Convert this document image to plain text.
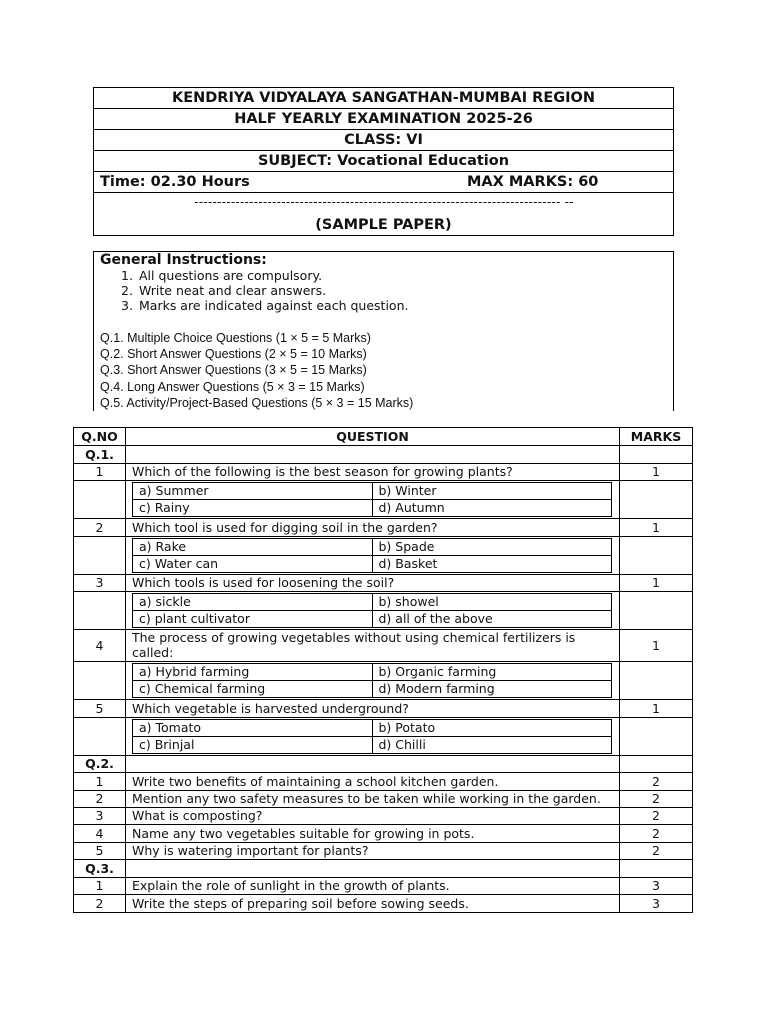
KENDRIYA VIDYALAYA SANGATHAN-MUMBAI REGION
HALF YEARLY EXAMINATION 2025-26
CLASS: VI
SUBJECT: Vocational Education
Time: 02.30 Hours	MAX MARKS: 60
-------------------------------------------------------------------------------- --
(SAMPLE PAPER)
General Instructions:
1. All questions are compulsory.
2. Write neat and clear answers.
3. Marks are indicated against each question.
Q.1. Multiple Choice Questions (1 × 5 = 5 Marks)
Q.2. Short Answer Questions (2 × 5 = 10 Marks)
Q.3. Short Answer Questions (3 × 5 = 15 Marks)
Q.4. Long Answer Questions (5 × 3 = 15 Marks)
Q.5. Activity/Project-Based Questions (5 × 3 = 15 Marks)
Q.NO	QUESTION	MARKS
Q.1.		
1	Which of the following is the best season for growing plants?	1

a) Summer	b) Winter
c) Rainy	d) Autumn

2	Which tool is used for digging soil in the garden?	1

a) Rake	b) Spade
c) Water can	d) Basket

3	Which tools is used for loosening the soil?	1

a) sickle	b) showel
c) plant cultivator	d) all of the above

4	The process of growing vegetables without using chemical fertilizers is called:	1

a) Hybrid farming	b) Organic farming
c) Chemical farming	d) Modern farming

5	Which vegetable is harvested underground?	1

a) Tomato	b) Potato
c) Brinjal	d) Chilli

Q.2.		
1	Write two benefits of maintaining a school kitchen garden.	2
2	Mention any two safety measures to be taken while working in the garden.	2
3	What is composting?	2
4	Name any two vegetables suitable for growing in pots.	2
5	Why is watering important for plants?	2
Q.3.		
1	Explain the role of sunlight in the growth of plants.	3
2	Write the steps of preparing soil before sowing seeds.	3
